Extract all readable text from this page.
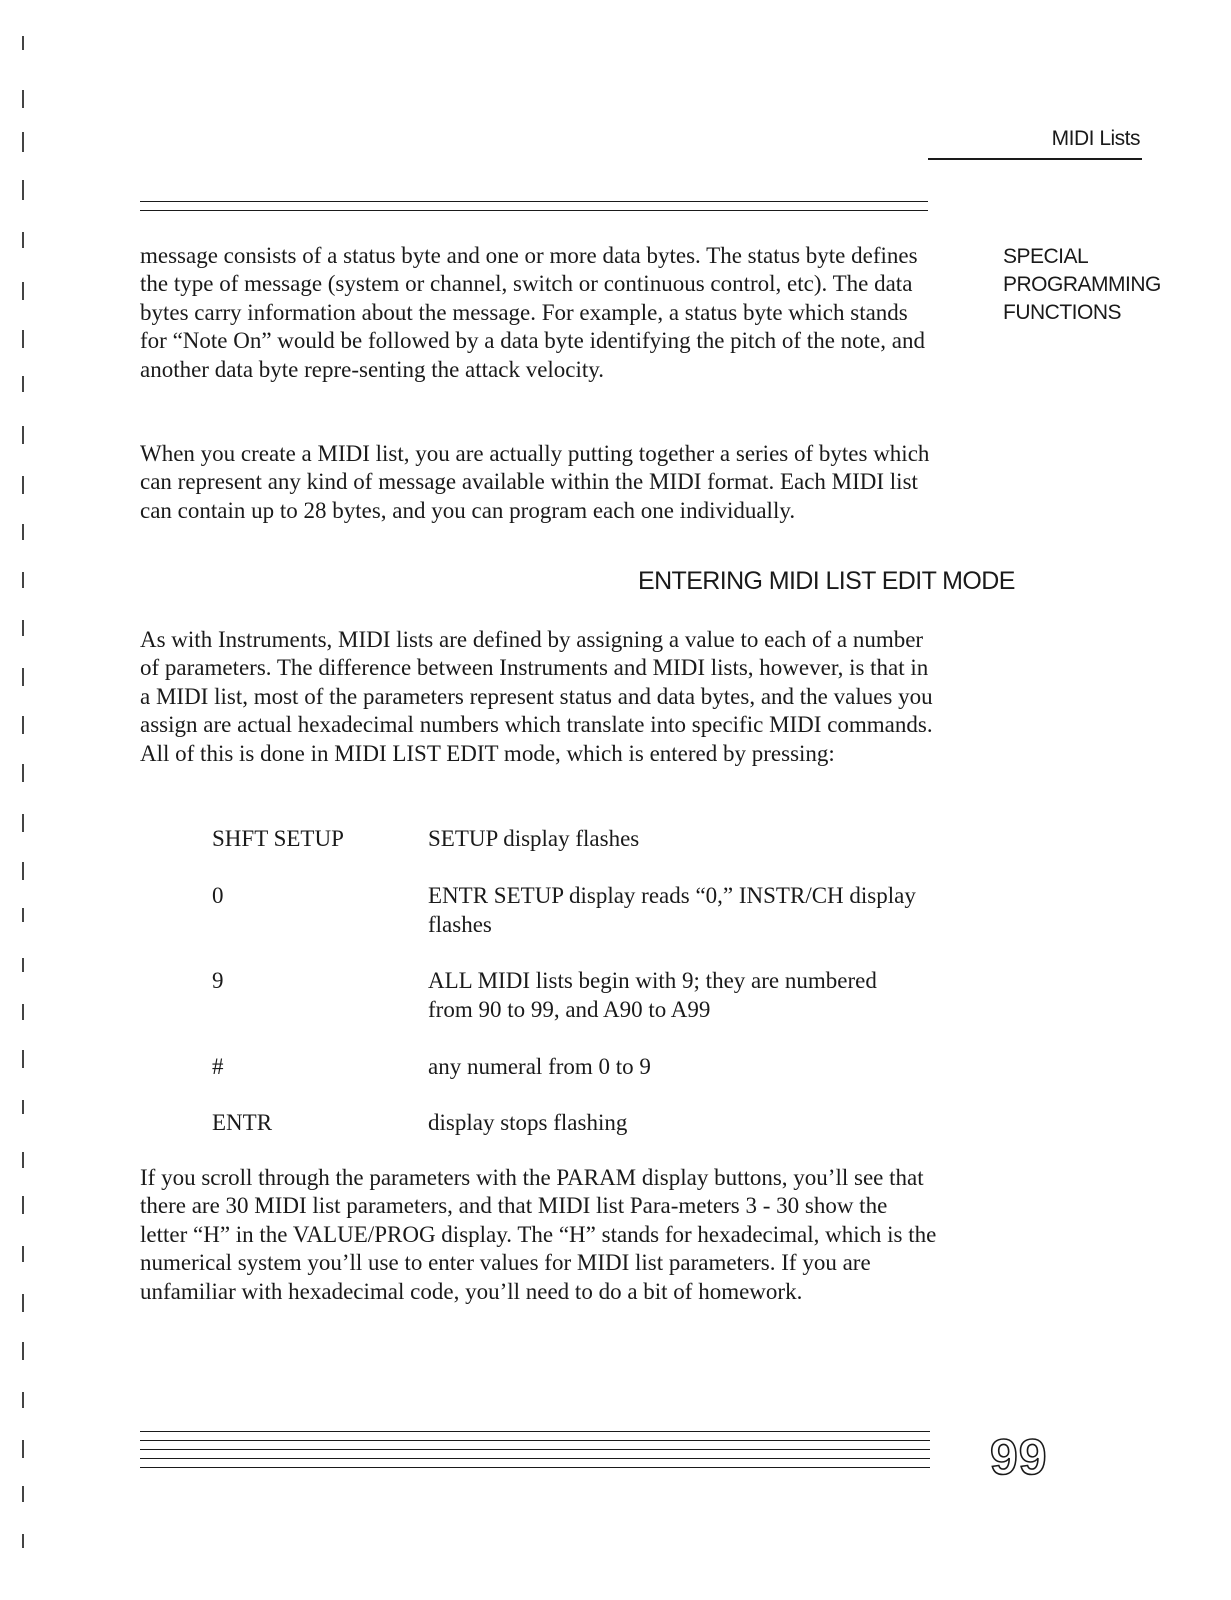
MIDI Lists
SPECIAL
PROGRAMMING
FUNCTIONS

message consists of a status byte and one or more data bytes. The status byte defines the type of message (system or channel, switch or continuous control, etc). The data bytes carry information about the message. For example, a status byte which stands for “Note On” would be followed by a data byte identifying the pitch of the note, and another data byte repre-senting the attack velocity.

When you create a MIDI list, you are actually putting together a series of bytes which can represent any kind of message available within the MIDI format. Each MIDI list can contain up to 28 bytes, and you can program each one individually.

ENTERING MIDI LIST EDIT MODE

As with Instruments, MIDI lists are defined by assigning a value to each of a number of parameters. The difference between Instruments and MIDI lists, however, is that in a MIDI list, most of the parameters represent status and data bytes, and the values you assign are actual hexadecimal numbers which translate into specific MIDI commands. All of this is done in MIDI LIST EDIT mode, which is entered by pressing:

SHFT SETUP	SETUP display flashes
0	ENTR SETUP display reads “0,” INSTR/CH display flashes
9	ALL MIDI lists begin with 9; they are numbered from 90 to 99, and A90 to A99
#	any numeral from 0 to 9
ENTR	display stops flashing

If you scroll through the parameters with the PARAM display buttons, you’ll see that there are 30 MIDI list parameters, and that MIDI list Para-meters 3 - 30 show the letter “H” in the VALUE/PROG display. The “H” stands for hexadecimal, which is the numerical system you’ll use to enter values for MIDI list parameters. If you are unfamiliar with hexadecimal code, you’ll need to do a bit of homework.

99
